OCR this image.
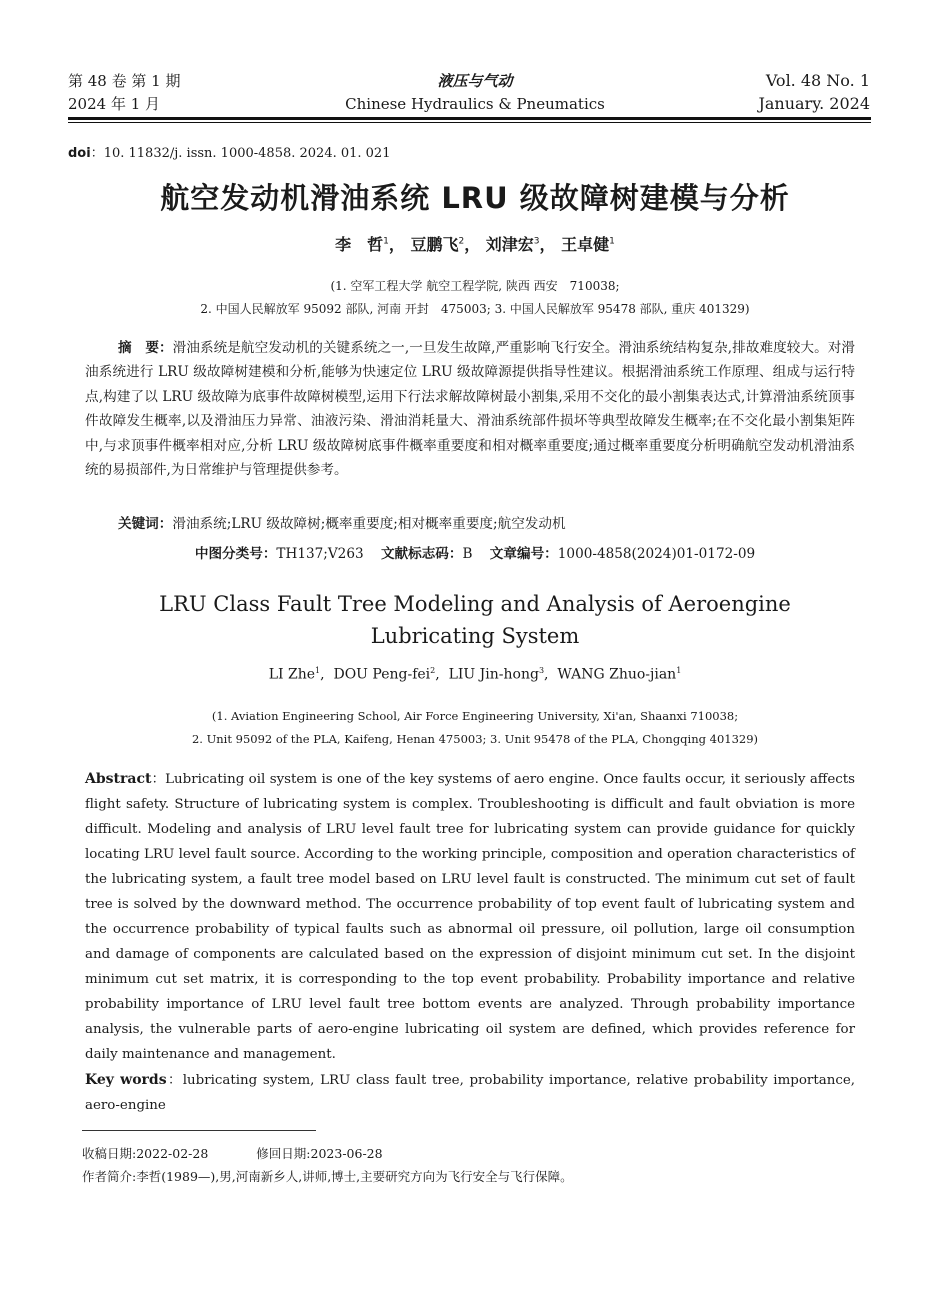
第 48 卷 第 1 期
2024 年 1 月
液压与气动
Chinese Hydraulics & Pneumatics
Vol. 48 No. 1
January. 2024
doi：10. 11832/j. issn. 1000-4858. 2024. 01. 021
航空发动机滑油系统 LRU 级故障树建模与分析
李　哲$^1$， 豆鹏飞$^2$， 刘津宏$^3$， 王卓健$^1$
(1. 空军工程大学 航空工程学院, 陕西 西安　710038;
2. 中国人民解放军 95092 部队, 河南 开封　475003; 3. 中国人民解放军 95478 部队, 重庆 401329)
摘　要：滑油系统是航空发动机的关键系统之一,一旦发生故障,严重影响飞行安全。滑油系统结构复杂,排故难度较大。对滑油系统进行 LRU 级故障树建模和分析,能够为快速定位 LRU 级故障源提供指导性建议。根据滑油系统工作原理、组成与运行特点,构建了以 LRU 级故障为底事件故障树模型,运用下行法求解故障树最小割集,采用不交化的最小割集表达式,计算滑油系统顶事件故障发生概率,以及滑油压力异常、油液污染、滑油消耗量大、滑油系统部件损坏等典型故障发生概率;在不交化最小割集矩阵中,与求顶事件概率相对应,分析 LRU 级故障树底事件概率重要度和相对概率重要度;通过概率重要度分析明确航空发动机滑油系统的易损部件,为日常维护与管理提供参考。
关键词：滑油系统;LRU 级故障树;概率重要度;相对概率重要度;航空发动机
中图分类号：TH137;V263 文献标志码：B 文章编号：1000-4858(2024)01-0172-09
LRU Class Fault Tree Modeling and Analysis of Aeroengine
Lubricating System
LI Zhe$^1$,  DOU Peng-fei$^2$,  LIU Jin-hong$^3$,  WANG Zhuo-jian$^1$
(1. Aviation Engineering School, Air Force Engineering University, Xi'an, Shaanxi 710038;
2. Unit 95092 of the PLA, Kaifeng, Henan 475003; 3. Unit 95478 of the PLA, Chongqing 401329)
Abstract：Lubricating oil system is one of the key systems of aero engine. Once faults occur, it seriously affects flight safety. Structure of lubricating system is complex. Troubleshooting is difficult and fault obviation is more difficult. Modeling and analysis of LRU level fault tree for lubricating system can provide guidance for quickly locating LRU level fault source. According to the working principle, composition and operation characteristics of the lubricating system, a fault tree model based on LRU level fault is constructed. The minimum cut set of fault tree is solved by the downward method. The occurrence probability of top event fault of lubricating system and the occurrence probability of typical faults such as abnormal oil pressure, oil pollution, large oil consumption and damage of components are calculated based on the expression of disjoint minimum cut set. In the disjoint minimum cut set matrix, it is corresponding to the top event probability. Probability importance and relative probability importance of LRU level fault tree bottom events are analyzed. Through probability importance analysis, the vulnerable parts of aero-engine lubricating oil system are defined, which provides reference for daily maintenance and management.
Key words：lubricating system, LRU class fault tree, probability importance, relative probability importance, aero-engine
收稿日期:2022-02-28	修回日期:2023-06-28
作者简介:李哲(1989—),男,河南新乡人,讲师,博士,主要研究方向为飞行安全与飞行保障。
